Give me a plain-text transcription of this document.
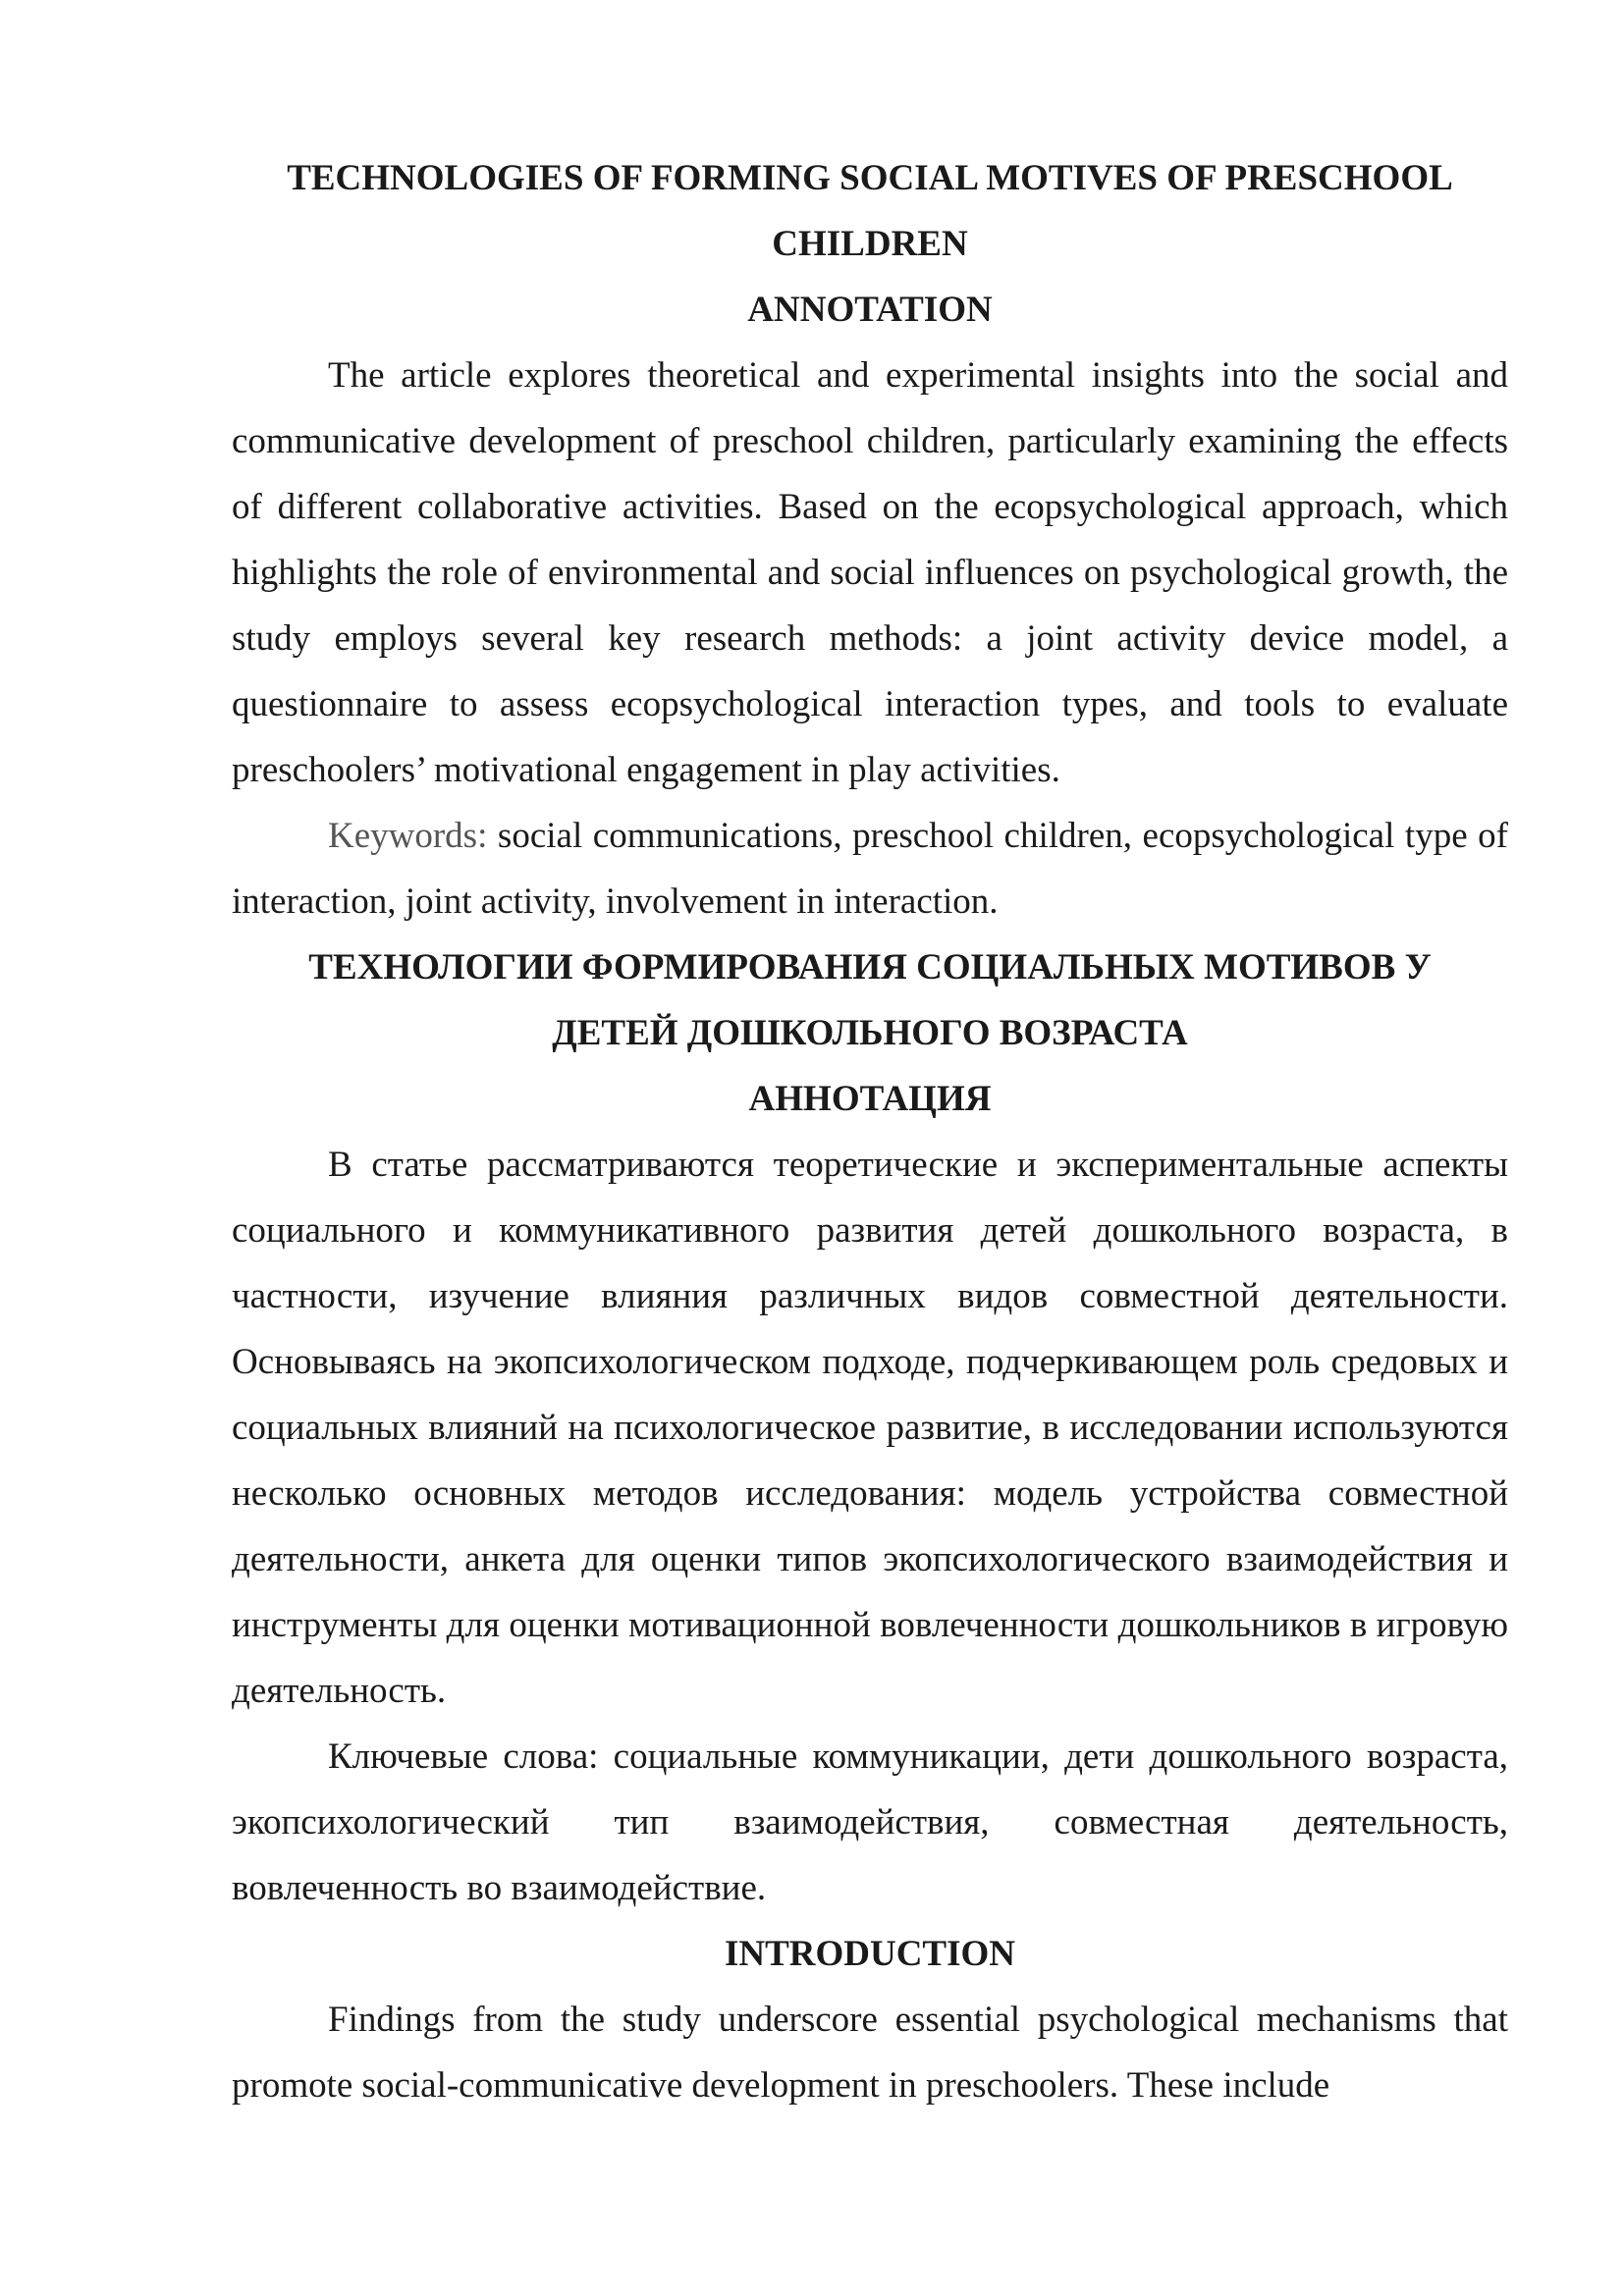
TECHNOLOGIES OF FORMING SOCIAL MOTIVES OF PRESCHOOL

CHILDREN

ANNOTATION

The article explores theoretical and experimental insights into the social and communicative development of preschool children, particularly examining the effects of different collaborative activities. Based on the ecopsychological approach, which highlights the role of environmental and social influences on psychological growth, the study employs several key research methods: a joint activity device model, a questionnaire to assess ecopsychological interaction types, and tools to evaluate preschoolers’ motivational engagement in play activities.

Keywords: social communications, preschool children, ecopsychological type of interaction, joint activity, involvement in interaction.

ТЕХНОЛОГИИ ФОРМИРОВАНИЯ СОЦИАЛЬНЫХ МОТИВОВ У

ДЕТЕЙ ДОШКОЛЬНОГО ВОЗРАСТА

АННОТАЦИЯ

В статье рассматриваются теоретические и экспериментальные аспекты социального и коммуникативного развития детей дошкольного возраста, в частности, изучение влияния различных видов совместной деятельности. Основываясь на экопсихологическом подходе, подчеркивающем роль средовых и социальных влияний на психологическое развитие, в исследовании используются несколько основных методов исследования: модель устройства совместной деятельности, анкета для оценки типов экопсихологического взаимодействия и инструменты для оценки мотивационной вовлеченности дошкольников в игровую деятельность.

Ключевые слова: социальные коммуникации, дети дошкольного возраста, экопсихологический тип взаимодействия, совместная деятельность, вовлеченность во взаимодействие.

INTRODUCTION

Findings from the study underscore essential psychological mechanisms that promote social-communicative development in preschoolers. These include
